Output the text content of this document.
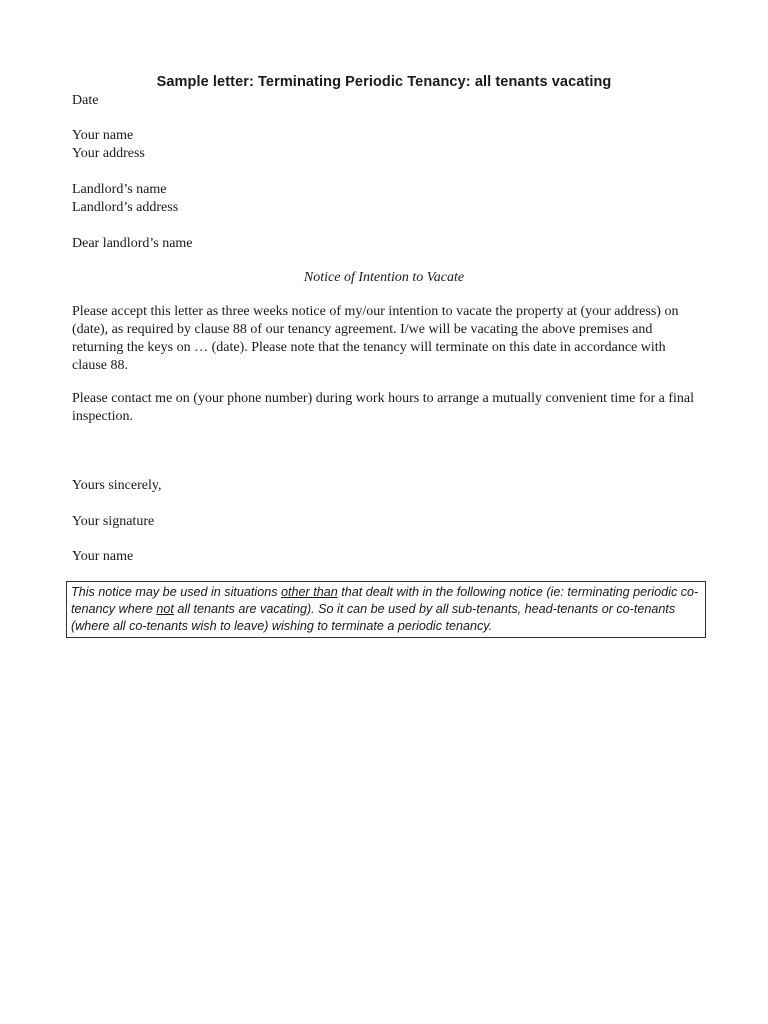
Sample letter: Terminating Periodic Tenancy: all tenants vacating
Date
Your name
Your address
Landlord’s name
Landlord’s address
Dear landlord’s name
Notice of Intention to Vacate
Please accept this letter as three weeks notice of my/our intention to vacate the property at (your address) on (date), as required by clause 88 of our tenancy agreement. I/we will be vacating the above premises and returning the keys on … (date). Please note that the tenancy will terminate on this date in accordance with clause 88.
Please contact me on (your phone number) during work hours to arrange a mutually convenient time for a final inspection.
Yours sincerely,
Your signature
Your name
This notice may be used in situations other than that dealt with in the following notice (ie: terminating periodic co-tenancy where not all tenants are vacating). So it can be used by all sub-tenants, head-tenants or co-tenants (where all co-tenants wish to leave) wishing to terminate a periodic tenancy.
